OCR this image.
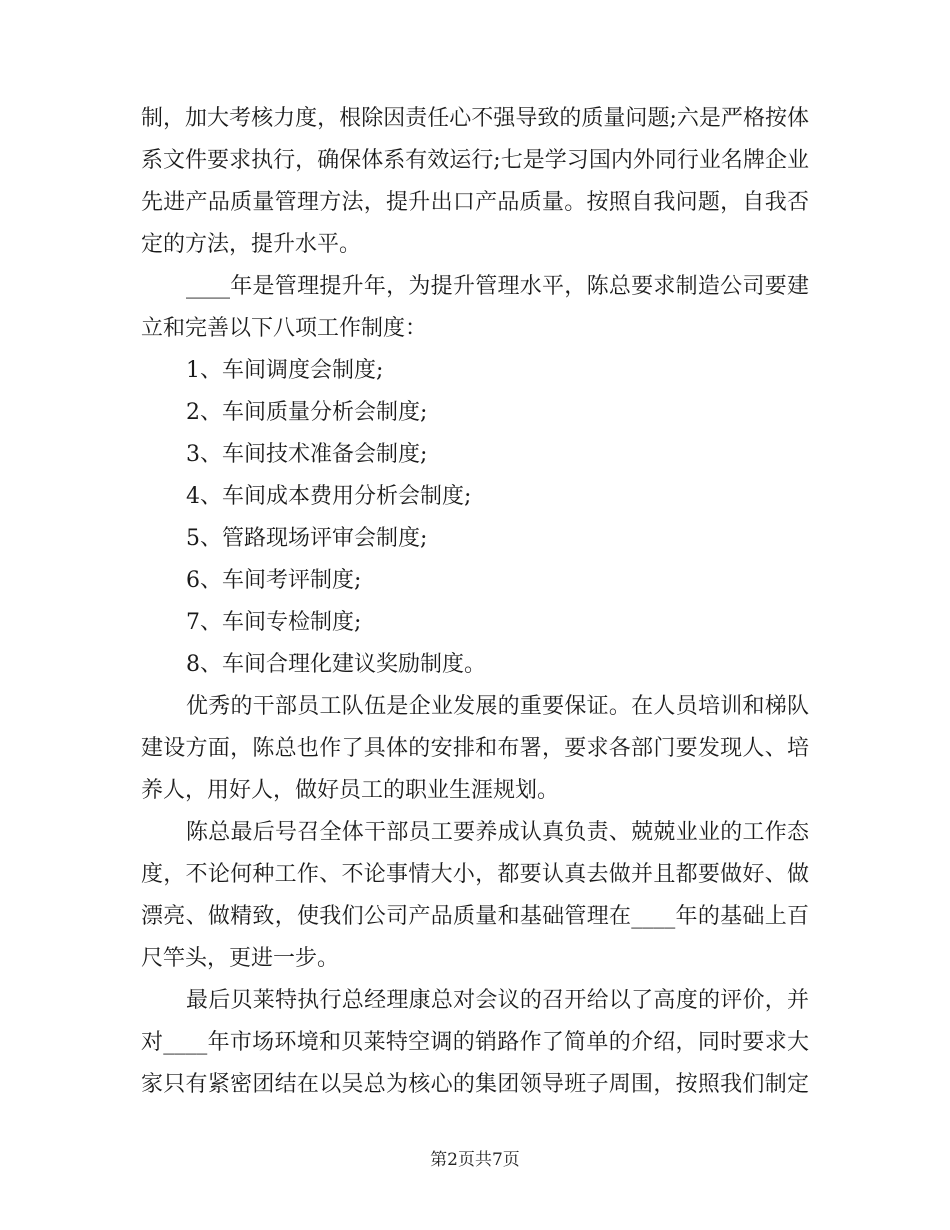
制，加大考核力度，根除因责任心不强导致的质量问题;六是严格按体
系文件要求执行，确保体系有效运行;七是学习国内外同行业名牌企业
先进产品质量管理方法，提升出口产品质量。按照自我问题，自我否
定的方法，提升水平。
____年是管理提升年，为提升管理水平，陈总要求制造公司要建
立和完善以下八项工作制度：
1、车间调度会制度;
2、车间质量分析会制度;
3、车间技术准备会制度;
4、车间成本费用分析会制度;
5、管路现场评审会制度;
6、车间考评制度;
7、车间专检制度;
8、车间合理化建议奖励制度。
优秀的干部员工队伍是企业发展的重要保证。在人员培训和梯队
建设方面，陈总也作了具体的安排和布署，要求各部门要发现人、培
养人，用好人，做好员工的职业生涯规划。
陈总最后号召全体干部员工要养成认真负责、兢兢业业的工作态
度，不论何种工作、不论事情大小，都要认真去做并且都要做好、做
漂亮、做精致，使我们公司产品质量和基础管理在____年的基础上百
尺竿头，更进一步。
最后贝莱特执行总经理康总对会议的召开给以了高度的评价，并
对____年市场环境和贝莱特空调的销路作了简单的介绍，同时要求大
家只有紧密团结在以吴总为核心的集团领导班子周围，按照我们制定
第2页共7页
